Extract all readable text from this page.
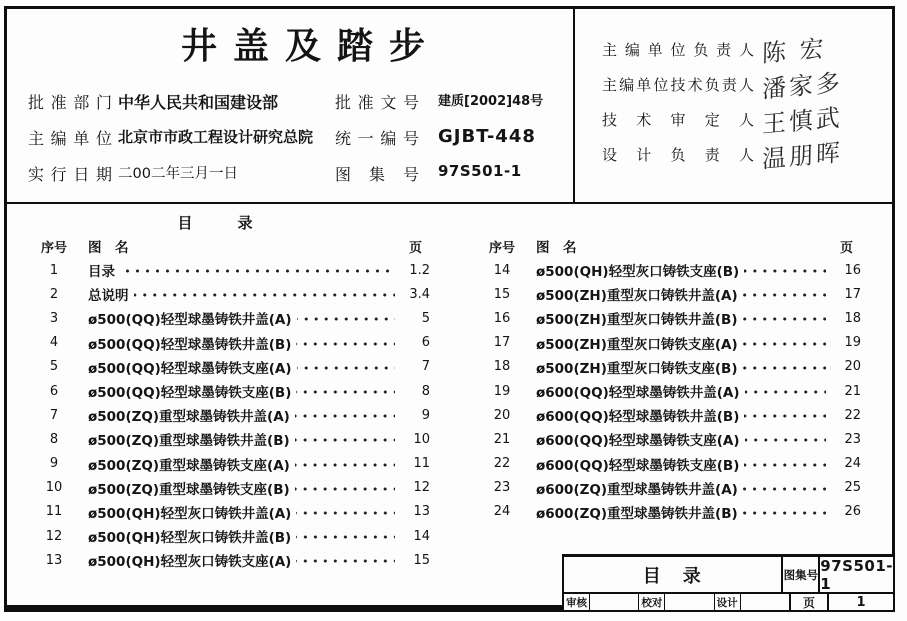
井盖及踏步
批准部门 中华人民共和国建设部	批准文号 建质[2002]48号
主编单位 北京市市政工程设计研究总院 统一编号 GJBT-448
实行日期 二00二年三月一日	图集号 97S501-1
主编单位负责人 陈 宏
主编单位技术负责人 潘家多
技术审定人 王慎武
设计负责人 温朋晖
目　　　录
序号	图　名	页
1	目录	1.2
2	总说明	3.4
3	ø500(QQ)轻型球墨铸铁井盖(A)	5
4	ø500(QQ)轻型球墨铸铁井盖(B)	6
5	ø500(QQ)轻型球墨铸铁支座(A)	7
6	ø500(QQ)轻型球墨铸铁支座(B)	8
7	ø500(ZQ)重型球墨铸铁井盖(A)	9
8	ø500(ZQ)重型球墨铸铁井盖(B)	10
9	ø500(ZQ)重型球墨铸铁支座(A)	11
10	ø500(ZQ)重型球墨铸铁支座(B)	12
11	ø500(QH)轻型灰口铸铁井盖(A)	13
12	ø500(QH)轻型灰口铸铁井盖(B)	14
13	ø500(QH)轻型灰口铸铁支座(A)	15
序号	图　名	页
14	ø500(QH)轻型灰口铸铁支座(B)	16
15	ø500(ZH)重型灰口铸铁井盖(A)	17
16	ø500(ZH)重型灰口铸铁井盖(B)	18
17	ø500(ZH)重型灰口铸铁支座(A)	19
18	ø500(ZH)重型灰口铸铁支座(B)	20
19	ø600(QQ)轻型球墨铸铁井盖(A)	21
20	ø600(QQ)轻型球墨铸铁井盖(B)	22
21	ø600(QQ)轻型球墨铸铁支座(A)	23
22	ø600(QQ)轻型球墨铸铁支座(B)	24
23	ø600(ZQ)重型球墨铸铁井盖(A)	25
24	ø600(ZQ)重型球墨铸铁井盖(B)	26
目　录	图集号 97S501-1
审核	校对	设计	页	1
